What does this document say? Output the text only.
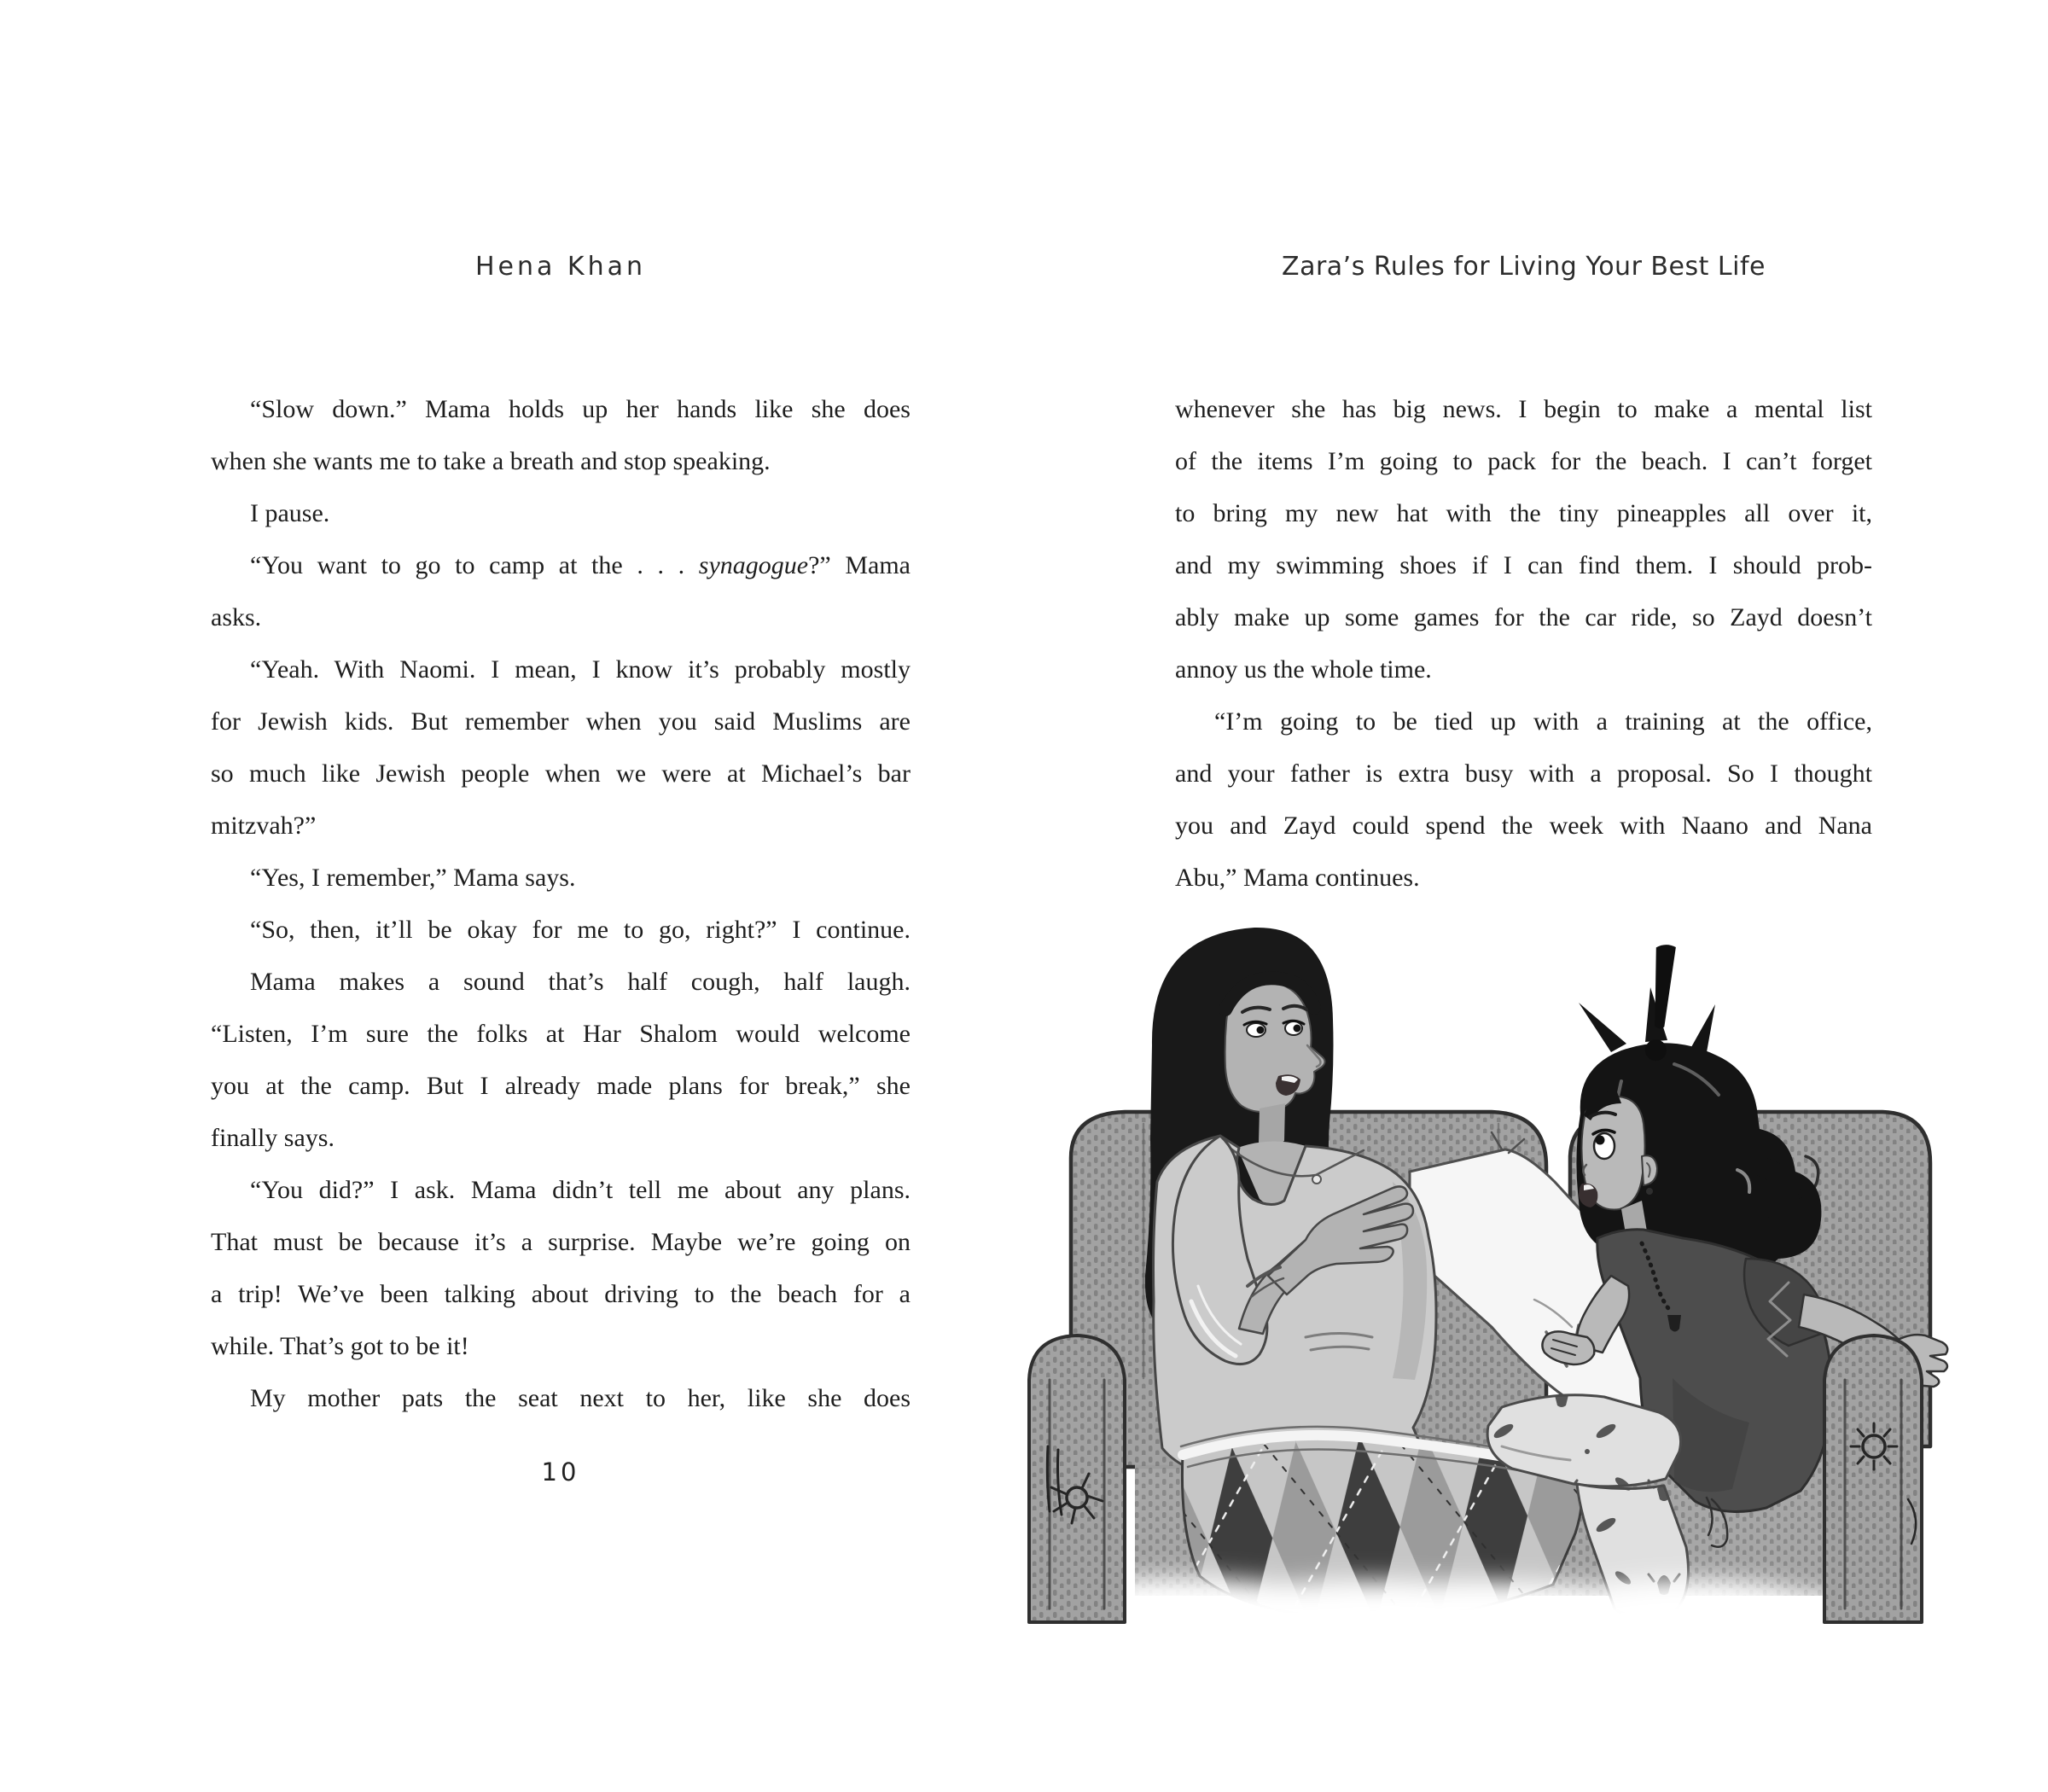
Hena Khan	Zara’s Rules for Living Your Best Life
“Slow down.” Mama holds up her hands like she does
when she wants me to take a breath and stop speaking.
I pause.
“You want to go to camp at the . . . synagogue?” Mama
asks.
“Yeah. With Naomi. I mean, I know it’s probably mostly
for Jewish kids. But remember when you said Muslims are
so much like Jewish people when we were at Michael’s bar
mitzvah?”
“Yes, I remember,” Mama says.
“So, then, it’ll be okay for me to go, right?” I continue.
Mama makes a sound that’s half cough, half laugh.
“Listen, I’m sure the folks at Har Shalom would welcome
you at the camp. But I already made plans for break,” she
finally says.
“You did?” I ask. Mama didn’t tell me about any plans.
That must be because it’s a surprise. Maybe we’re going on
a trip! We’ve been talking about driving to the beach for a
while. That’s got to be it!
My mother pats the seat next to her, like she does
whenever she has big news. I begin to make a mental list
of the items I’m going to pack for the beach. I can’t forget
to bring my new hat with the tiny pineapples all over it,
and my swimming shoes if I can find them. I should prob-
ably make up some games for the car ride, so Zayd doesn’t
annoy us the whole time.
“I’m going to be tied up with a training at the office,
and your father is extra busy with a proposal. So I thought
you and Zayd could spend the week with Naano and Nana
Abu,” Mama continues.
10
